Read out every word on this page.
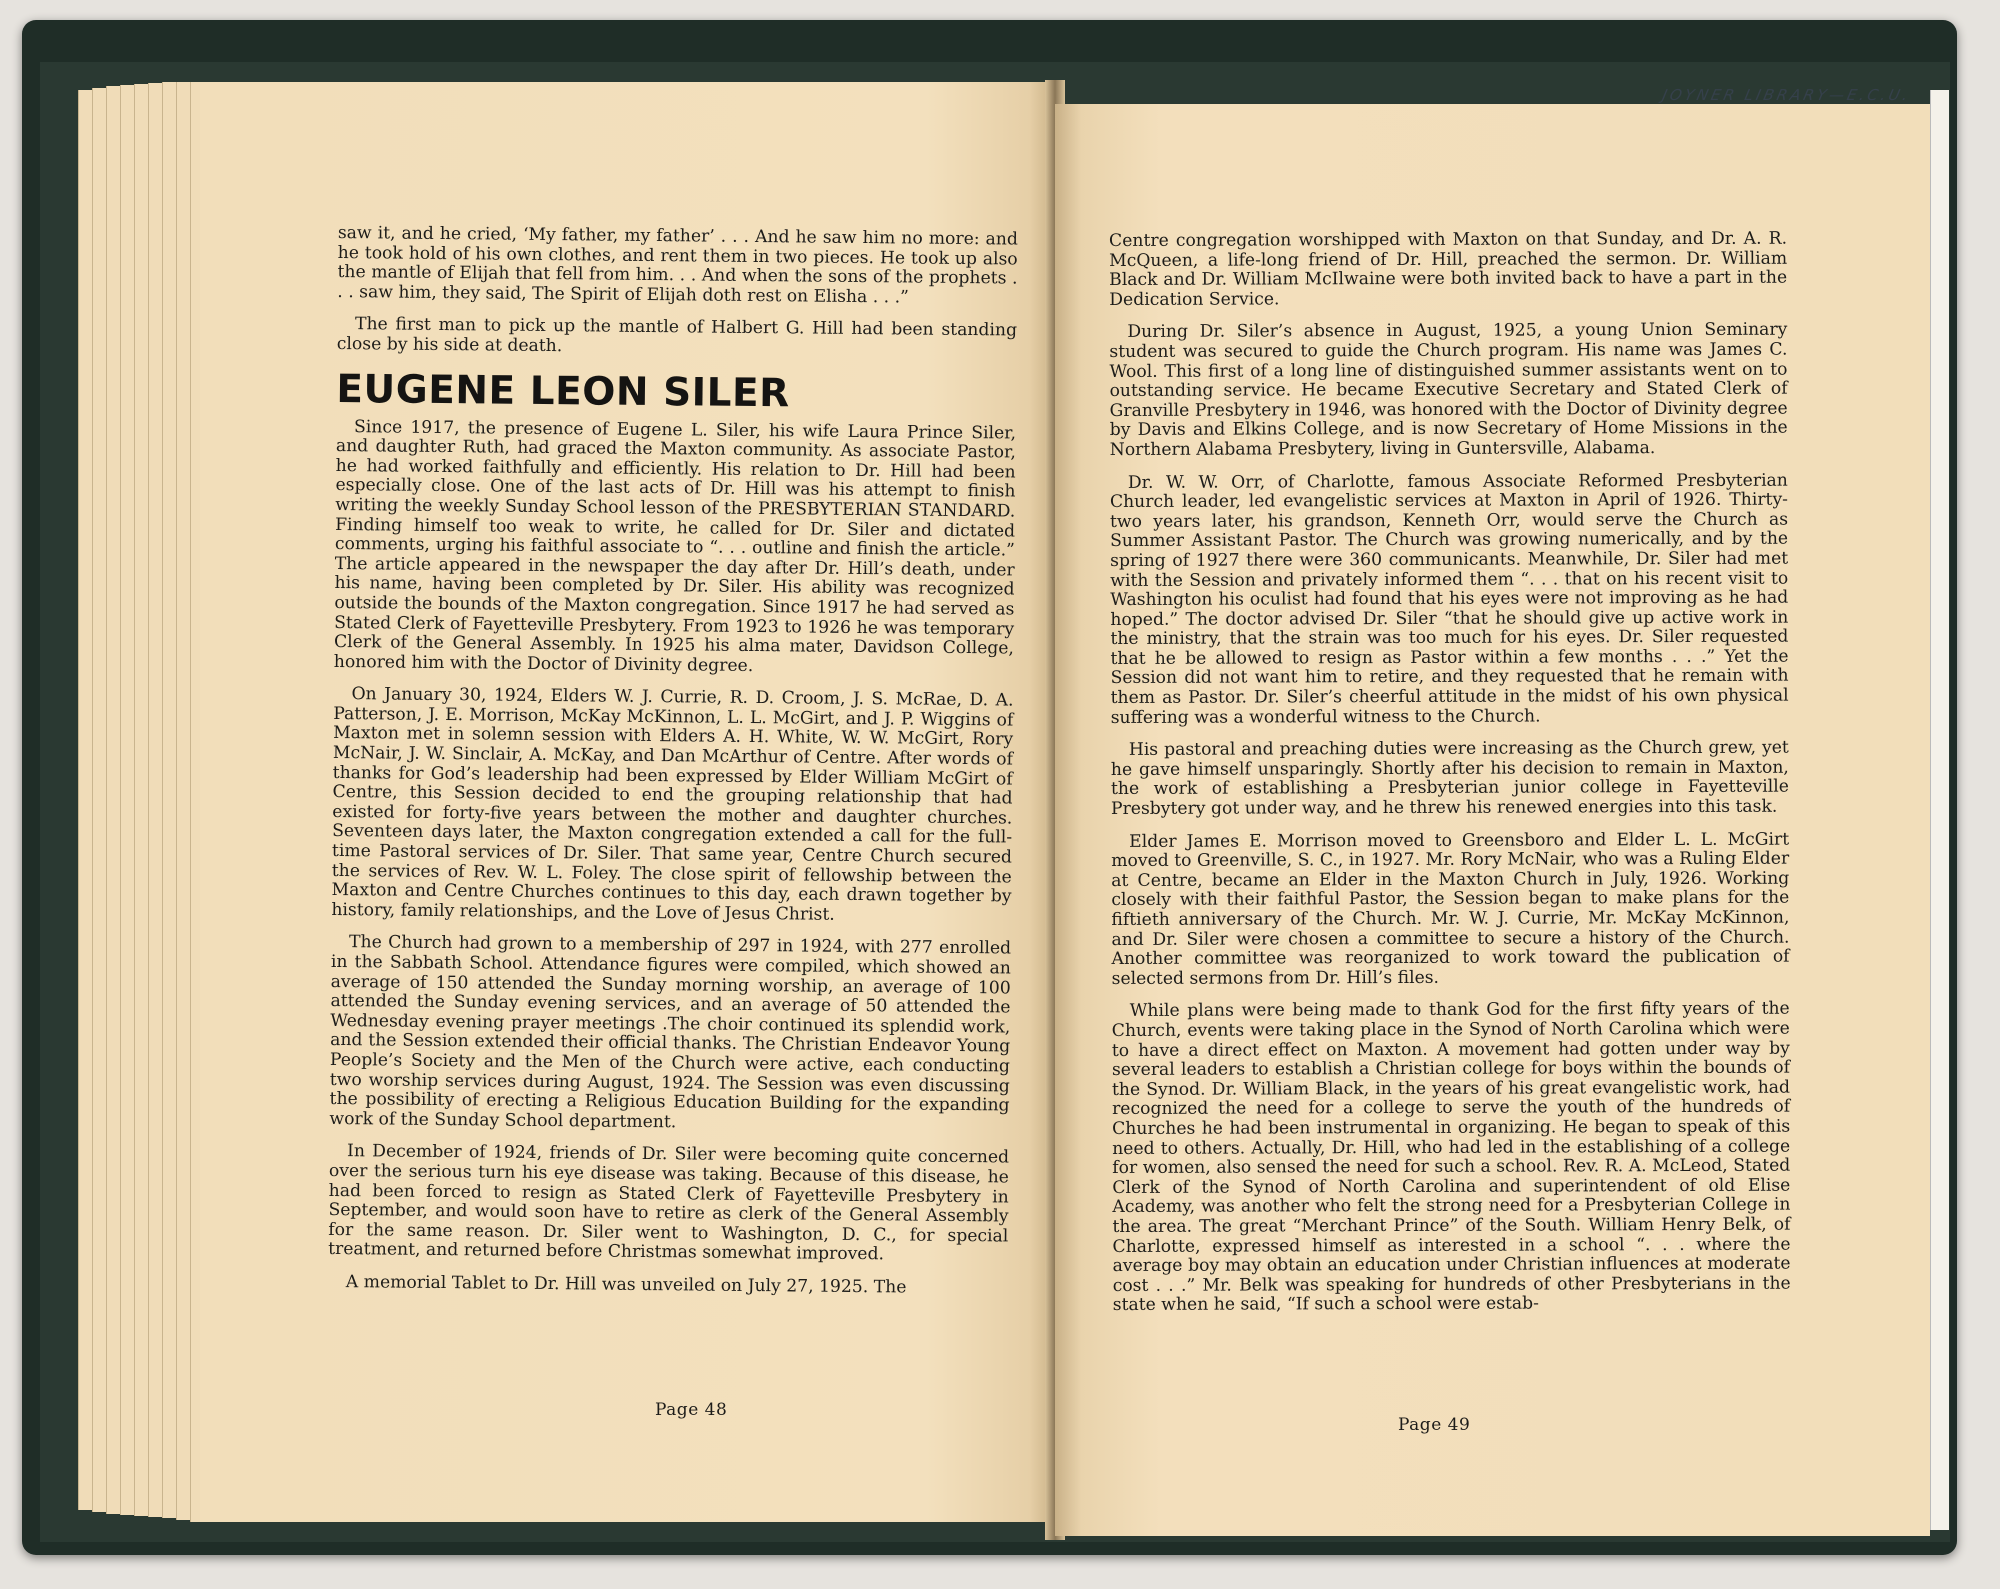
saw it, and he cried, ‘My father, my father’ . . . And he saw him no more: and he took hold of his own clothes, and rent them in two pieces. He took up also the mantle of Elijah that fell from him. . . And when the sons of the prophets . . . saw him, they said, The Spirit of Elijah doth rest on Elisha . . .”

The first man to pick up the mantle of Halbert G. Hill had been standing close by his side at death.

EUGENE LEON SILER

Since 1917, the presence of Eugene L. Siler, his wife Laura Prince Siler, and daughter Ruth, had graced the Maxton community. As associate Pastor, he had worked faithfully and efficiently. His relation to Dr. Hill had been especially close. One of the last acts of Dr. Hill was his attempt to finish writing the weekly Sunday School lesson of the PRESBYTERIAN STANDARD. Finding himself too weak to write, he called for Dr. Siler and dictated comments, urging his faithful associate to “. . . outline and finish the article.” The article appeared in the newspaper the day after Dr. Hill’s death, under his name, having been completed by Dr. Siler. His ability was recognized outside the bounds of the Maxton congregation. Since 1917 he had served as Stated Clerk of Fayetteville Presbytery. From 1923 to 1926 he was temporary Clerk of the General Assembly. In 1925 his alma mater, Davidson College, honored him with the Doctor of Divinity degree.

On January 30, 1924, Elders W. J. Currie, R. D. Croom, J. S. McRae, D. A. Patterson, J. E. Morrison, McKay McKinnon, L. L. McGirt, and J. P. Wiggins of Maxton met in solemn session with Elders A. H. White, W. W. McGirt, Rory McNair, J. W. Sinclair, A. McKay, and Dan McArthur of Centre. After words of thanks for God’s leadership had been expressed by Elder William McGirt of Centre, this Session decided to end the grouping relationship that had existed for forty-five years between the mother and daughter churches. Seventeen days later, the Maxton congregation extended a call for the full-time Pastoral services of Dr. Siler. That same year, Centre Church secured the services of Rev. W. L. Foley. The close spirit of fellowship between the Maxton and Centre Churches continues to this day, each drawn together by history, family relationships, and the Love of Jesus Christ.

The Church had grown to a membership of 297 in 1924, with 277 enrolled in the Sabbath School. Attendance figures were compiled, which showed an average of 150 attended the Sunday morning worship, an average of 100 attended the Sunday evening services, and an average of 50 attended the Wednesday evening prayer meetings .The choir continued its splendid work, and the Session extended their official thanks. The Christian Endeavor Young People’s Society and the Men of the Church were active, each conducting two worship services during August, 1924. The Session was even discussing the possibility of erecting a Religious Education Building for the expanding work of the Sunday School department.

In December of 1924, friends of Dr. Siler were becoming quite concerned over the serious turn his eye disease was taking. Because of this disease, he had been forced to resign as Stated Clerk of Fayetteville Presbytery in September, and would soon have to retire as clerk of the General Assembly for the same reason. Dr. Siler went to Washington, D. C., for special treatment, and returned before Christmas somewhat improved.

A memorial Tablet to Dr. Hill was unveiled on July 27, 1925. The

Page 48

Centre congregation worshipped with Maxton on that Sunday, and Dr. A. R. McQueen, a life-long friend of Dr. Hill, preached the sermon. Dr. William Black and Dr. William McIlwaine were both invited back to have a part in the Dedication Service.

During Dr. Siler’s absence in August, 1925, a young Union Seminary student was secured to guide the Church program. His name was James C. Wool. This first of a long line of distinguished summer assistants went on to outstanding service. He became Executive Secretary and Stated Clerk of Granville Presbytery in 1946, was honored with the Doctor of Divinity degree by Davis and Elkins College, and is now Secretary of Home Missions in the Northern Alabama Presbytery, living in Guntersville, Alabama.

Dr. W. W. Orr, of Charlotte, famous Associate Reformed Presbyterian Church leader, led evangelistic services at Maxton in April of 1926. Thirty-two years later, his grandson, Kenneth Orr, would serve the Church as Summer Assistant Pastor. The Church was growing numerically, and by the spring of 1927 there were 360 communicants. Meanwhile, Dr. Siler had met with the Session and privately informed them “. . . that on his recent visit to Washington his oculist had found that his eyes were not improving as he had hoped.” The doctor advised Dr. Siler “that he should give up active work in the ministry, that the strain was too much for his eyes. Dr. Siler requested that he be allowed to resign as Pastor within a few months . . .” Yet the Session did not want him to retire, and they requested that he remain with them as Pastor. Dr. Siler’s cheerful attitude in the midst of his own physical suffering was a wonderful witness to the Church.

His pastoral and preaching duties were increasing as the Church grew, yet he gave himself unsparingly. Shortly after his decision to remain in Maxton, the work of establishing a Presbyterian junior college in Fayetteville Presbytery got under way, and he threw his renewed energies into this task.

Elder James E. Morrison moved to Greensboro and Elder L. L. McGirt moved to Greenville, S. C., in 1927. Mr. Rory McNair, who was a Ruling Elder at Centre, became an Elder in the Maxton Church in July, 1926. Working closely with their faithful Pastor, the Session began to make plans for the fiftieth anniversary of the Church. Mr. W. J. Currie, Mr. McKay McKinnon, and Dr. Siler were chosen a committee to secure a history of the Church. Another committee was reorganized to work toward the publication of selected sermons from Dr. Hill’s files.

While plans were being made to thank God for the first fifty years of the Church, events were taking place in the Synod of North Carolina which were to have a direct effect on Maxton. A movement had gotten under way by several leaders to establish a Christian college for boys within the bounds of the Synod. Dr. William Black, in the years of his great evangelistic work, had recognized the need for a college to serve the youth of the hundreds of Churches he had been instrumental in organizing. He began to speak of this need to others. Actually, Dr. Hill, who had led in the establishing of a college for women, also sensed the need for such a school. Rev. R. A. McLeod, Stated Clerk of the Synod of North Carolina and superintendent of old Elise Academy, was another who felt the strong need for a Presbyterian College in the area. The great “Merchant Prince” of the South. William Henry Belk, of Charlotte, expressed himself as interested in a school “. . . where the average boy may obtain an education under Christian influences at moderate cost . . .” Mr. Belk was speaking for hundreds of other Presbyterians in the state when he said, “If such a school were estab-

Page 49
JOYNER LIBRARY—E.C.U.
